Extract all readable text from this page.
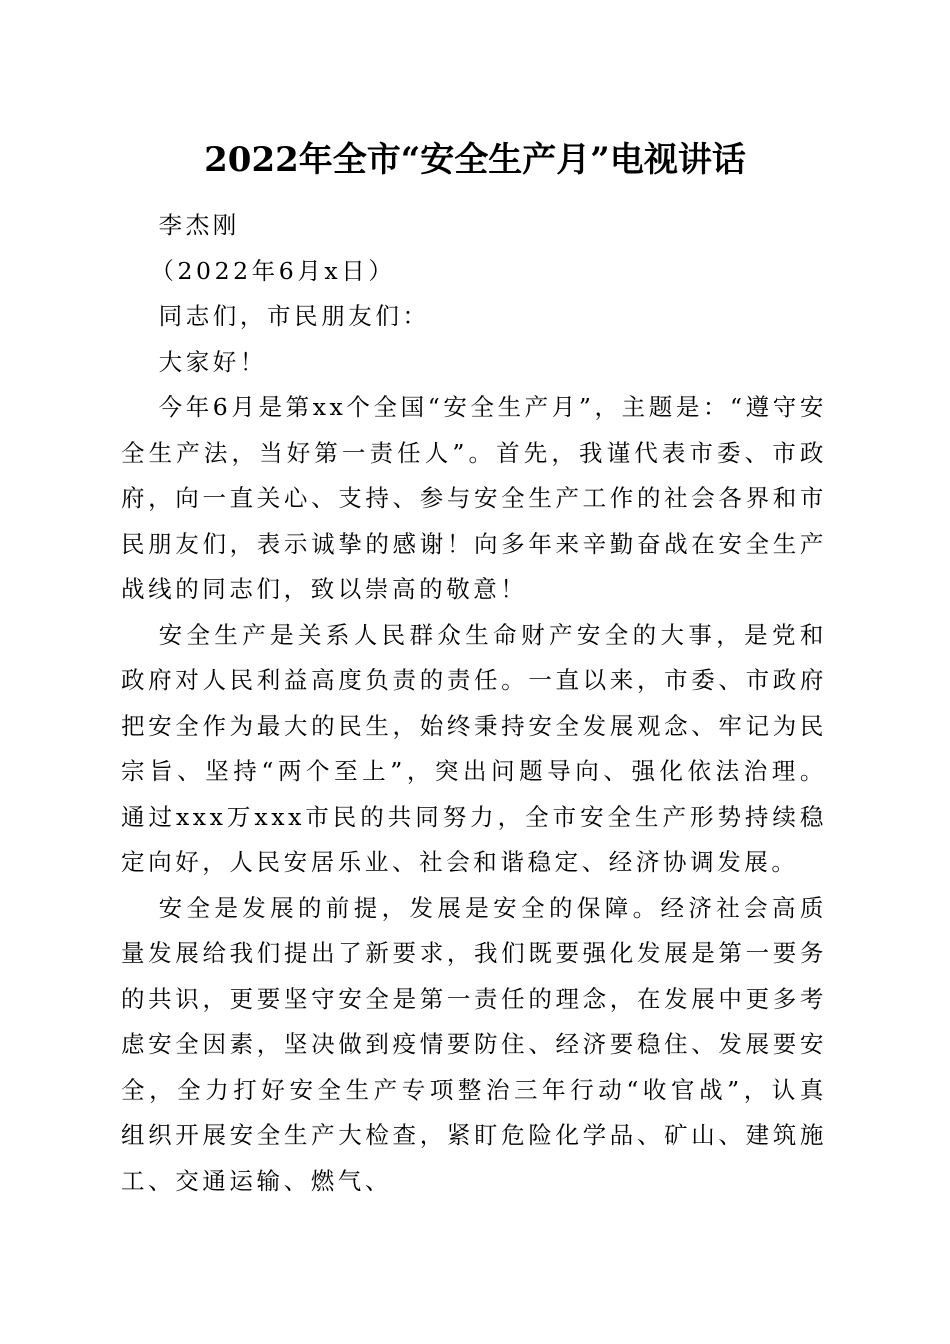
2022年全市“安全生产月”电视讲话

李杰刚

（2022年6月x日）

同志们，市民朋友们：

大家好！

今年6月是第xx个全国“安全生产月”，主题是：“遵守安全生产法，当好第一责任人”。首先，我谨代表市委、市政府，向一直关心、支持、参与安全生产工作的社会各界和市民朋友们，表示诚挚的感谢！向多年来辛勤奋战在安全生产战线的同志们，致以崇高的敬意！

安全生产是关系人民群众生命财产安全的大事，是党和政府对人民利益高度负责的责任。一直以来，市委、市政府把安全作为最大的民生，始终秉持安全发展观念、牢记为民宗旨、坚持“两个至上”，突出问题导向、强化依法治理。通过xxx万xxx市民的共同努力，全市安全生产形势持续稳定向好，人民安居乐业、社会和谐稳定、经济协调发展。

安全是发展的前提，发展是安全的保障。经济社会高质量发展给我们提出了新要求，我们既要强化发展是第一要务的共识，更要坚守安全是第一责任的理念，在发展中更多考虑安全因素，坚决做到疫情要防住、经济要稳住、发展要安全，全力打好安全生产专项整治三年行动“收官战”，认真组织开展安全生产大检查，紧盯危险化学品、矿山、建筑施工、交通运输、燃气、
